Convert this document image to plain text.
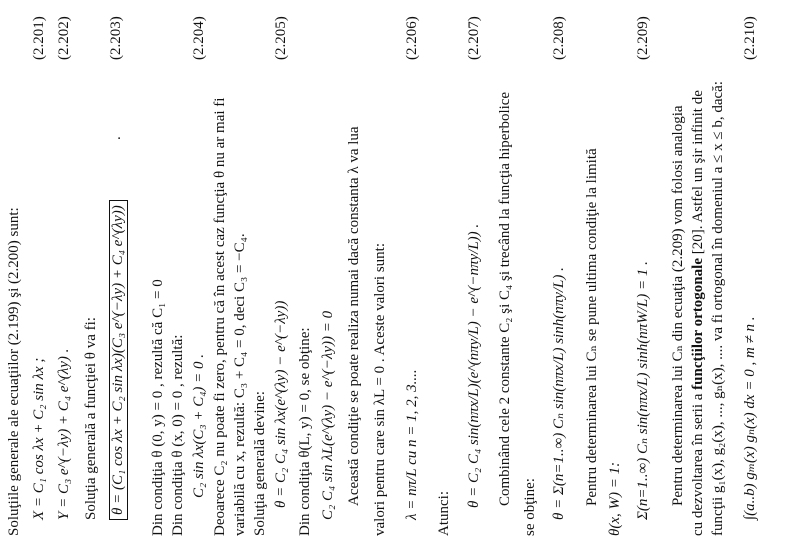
Soluţiile generale ale ecuaţiilor (2.199) şi (2.200) sunt: X = C₁ cos λx + C₂ sin λx ;
(2.201)
Y = C₃ e^(−λy) + C₄ e^(λy) .
(2.202)
Soluţia generală a funcţiei θ va fi: θ = (C₁ cos λx + C₂ sin λx)(C₃ e^(−λy) + C₄ e^(λy))
.
(2.203)
Din condiţia θ (0, y) = 0 , rezultă că C₁ = 0 Din condiţia θ (x, 0) = 0 , rezultă: C₂ sin λx(C₃ + C₄) = 0 .
(2.204)
Deoarece C₂ nu poate fi zero, pentru că în acest caz funcţia θ nu ar mai fi variabilă cu x, rezultă: C₃ + C₄ = 0, deci C₃ = −C₄. Soluţia generală devine: θ = C₂ C₄ sin λx(e^(λy) − e^(−λy))
(2.205)
Din condiţia θ(L, y) = 0, se obţine: C₂ C₄ sin λL(e^(λy) − e^(−λy)) = 0 Această condiţie se poate realiza numai dacă constanta λ va lua valori pentru care sin λL = 0 . Aceste valori sunt: λ = nπ/L cu n = 1, 2, 3....
(2.206)
Atunci:
θ = C₂ C₄ sin(nπx/L)(e^(nπy/L) − e^(−nπy/L)) .
(2.207)
Combinând cele 2 constante C₂ şi C₄ şi trecând la funcţia hiperbolice
se obţine: θ = Σ(n=1..∞) Cₙ sin(nπx/L) sinh(nπy/L) .
(2.208)
Pentru determinarea lui Cₙ se pune ultima condiţie la limită θ(x, W) = 1: Σ(n=1..∞) Cₙ sin(nπx/L) sinh(nπW/L) = 1 .
(2.209)
Pentru determinarea lui Cₙ din ecuaţia (2.209) vom folosi analogia cu dezvoltarea în serii a funcţiilor ortogonale [20]. Astfel un şir infinit de funcţii g₁(x), g₂(x), ..., gₙ(x), .... va fi ortogonal în domeniul a ≤ x ≤ b, dacă: ∫(a..b) gₘ(x) gₙ(x) dx = 0 , m ≠ n .
(2.210)
